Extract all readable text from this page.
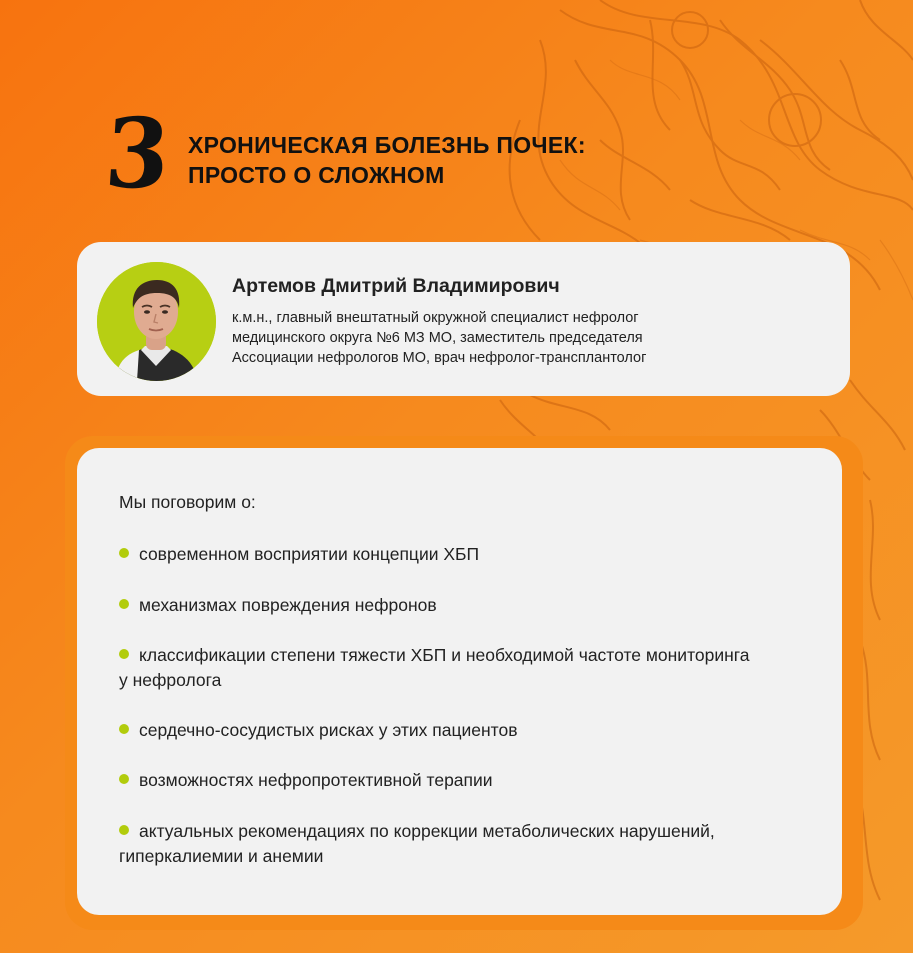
3 ХРОНИЧЕСКАЯ БОЛЕЗНЬ ПОЧЕК:
ПРОСТО О СЛОЖНОМ
Артемов Дмитрий Владимирович
к.м.н., главный внештатный окружной специалист нефролог
медицинского округа №6 МЗ МО, заместитель председателя
Ассоциации нефрологов МО, врач нефролог-трансплантолог
Мы поговорим о:
современном восприятии концепции ХБП
механизмах повреждения нефронов
классификации степени тяжести ХБП и необходимой частоте мониторинга у нефролога
сердечно-сосудистых рисках у этих пациентов
возможностях нефропротективной терапии
актуальных рекомендациях по коррекции метаболических нарушений, гиперкалиемии и анемии
